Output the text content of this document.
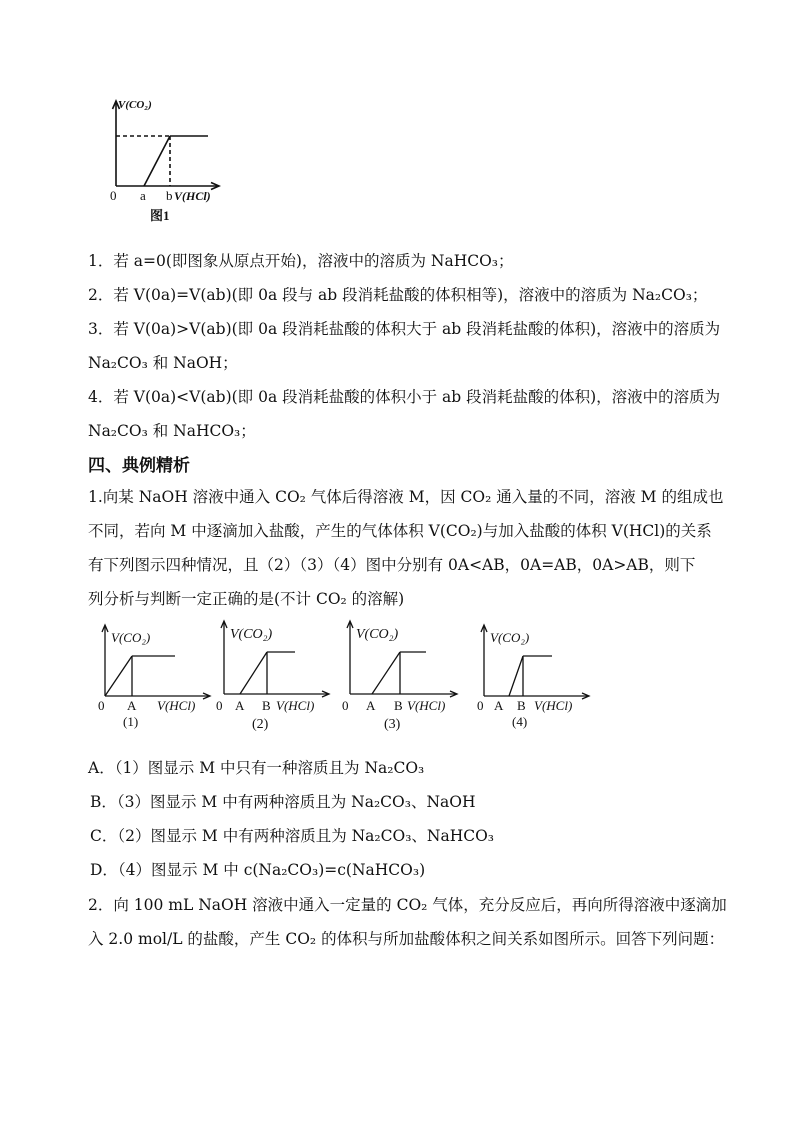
V(CO₂)
0 a b V(HCl)
图1
1．若 a=0(即图象从原点开始)，溶液中的溶质为 NaHCO₃；
2．若 V(0a)=V(ab)(即 0a 段与 ab 段消耗盐酸的体积相等)，溶液中的溶质为 Na₂CO₃；
3．若 V(0a)>V(ab)(即 0a 段消耗盐酸的体积大于 ab 段消耗盐酸的体积)，溶液中的溶质为
Na₂CO₃ 和 NaOH；
4．若 V(0a)<V(ab)(即 0a 段消耗盐酸的体积小于 ab 段消耗盐酸的体积)，溶液中的溶质为
Na₂CO₃ 和 NaHCO₃；
四、典例精析
1.向某 NaOH 溶液中通入 CO₂ 气体后得溶液 M，因 CO₂ 通入量的不同，溶液 M 的组成也
不同，若向 M 中逐滴加入盐酸，产生的气体体积 V(CO₂)与加入盐酸的体积 V(HCl)的关系
有下列图示四种情况，且（2）（3）（4）图中分别有 0A<AB，0A=AB，0A>AB，则下
列分析与判断一定正确的是(不计 CO₂ 的溶解)
V(CO₂)
0 A V(HCl)
(1)
V(CO₂)
0 A B V(HCl)
(2)
V(CO₂)
0 A B V(HCl)
(3)
V(CO₂)
0 A B V(HCl)
(4)
A．（1）图显示 M 中只有一种溶质且为 Na₂CO₃
B．（3）图显示 M 中有两种溶质且为 Na₂CO₃、NaOH
C．（2）图显示 M 中有两种溶质且为 Na₂CO₃、NaHCO₃
D．（4）图显示 M 中 c(Na₂CO₃)=c(NaHCO₃)
2．向 100 mL NaOH 溶液中通入一定量的 CO₂ 气体，充分反应后，再向所得溶液中逐滴加
入 2.0 mol/L 的盐酸，产生 CO₂ 的体积与所加盐酸体积之间关系如图所示。回答下列问题：
